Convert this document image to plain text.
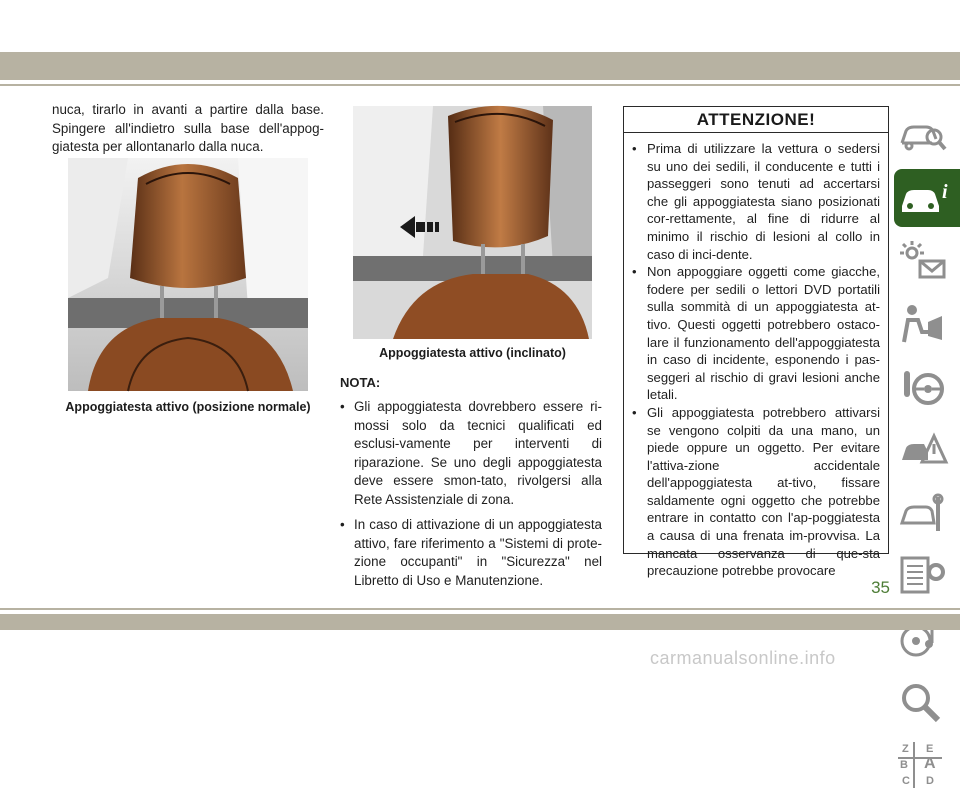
nuca, tirarlo in avanti a partire dalla base. Spingere all'indietro sulla base dell'appog-giatesta per allontanarlo dalla nuca.
Appoggiatesta attivo (posizione normale)
Appoggiatesta attivo (inclinato)
NOTA:
• Gli appoggiatesta dovrebbero essere ri-mossi solo da tecnici qualificati ed esclusi-vamente per interventi di riparazione. Se uno degli appoggiatesta deve essere smon-tato, rivolgersi alla Rete Assistenziale di zona.
• In caso di attivazione di un appoggiatesta attivo, fare riferimento a "Sistemi di prote-zione occupanti" in "Sicurezza" nel Libretto di Uso e Manutenzione.
ATTENZIONE!
• Prima di utilizzare la vettura o sedersi su uno dei sedili, il conducente e tutti i passeggeri sono tenuti ad accertarsi che gli appoggiatesta siano posizionati cor-rettamente, al fine di ridurre al minimo il rischio di lesioni al collo in caso di inci-dente.
• Non appoggiare oggetti come giacche, fodere per sedili o lettori DVD portatili sulla sommità di un appoggiatesta at-tivo. Questi oggetti potrebbero ostaco-lare il funzionamento dell'appoggiatesta in caso di incidente, esponendo i pas-seggeri al rischio di gravi lesioni anche letali.
• Gli appoggiatesta potrebbero attivarsi se vengono colpiti da una mano, un piede oppure un oggetto. Per evitare l'attiva-zione accidentale dell'appoggiatesta at-tivo, fissare saldamente ogni oggetto che potrebbe entrare in contatto con l'ap-poggiatesta a causa di una frenata im-provvisa. La mancata osservanza di que-sta precauzione potrebbe provocare
i
Z E
B A
C D
35
carmanualsonline.info
